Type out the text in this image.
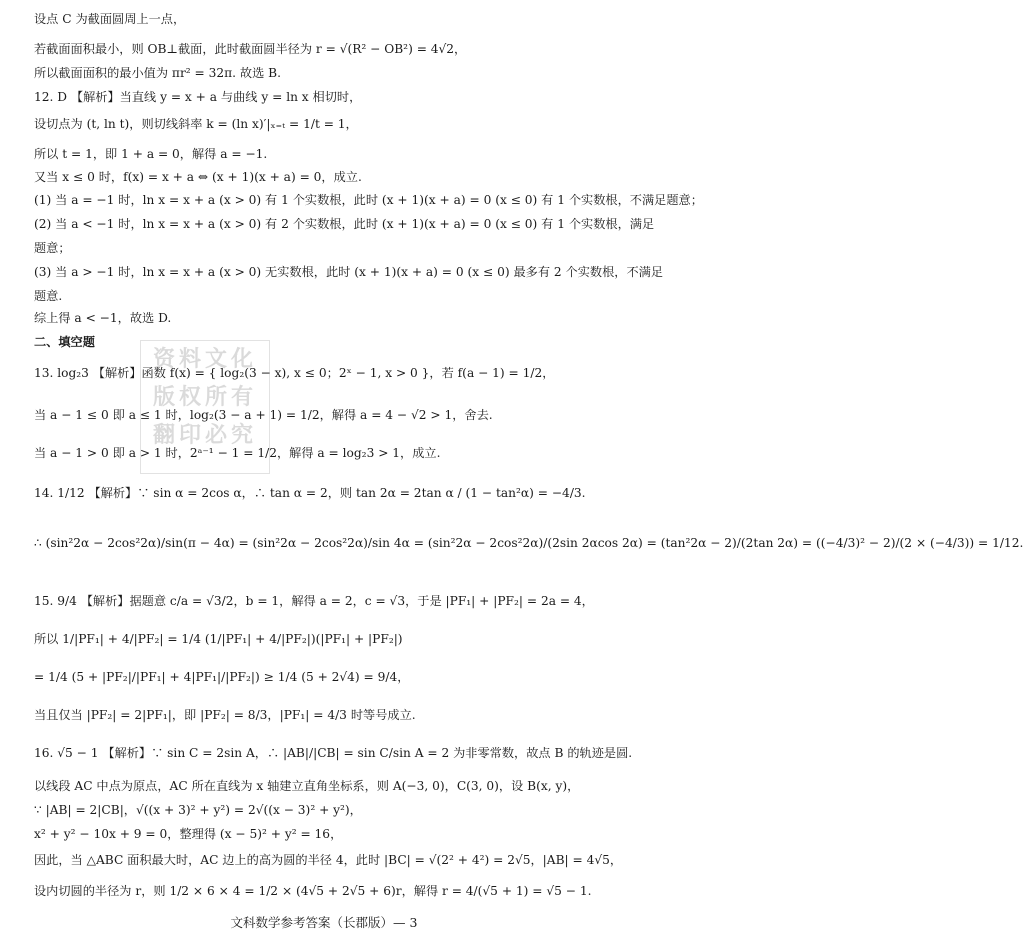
资料文化
版权所有
翻印必究
设点 C 为截面圆周上一点，
若截面面积最小，则 OB⊥截面，此时截面圆半径为 r = √(R² − OB²) = 4√2，
所以截面面积的最小值为 πr² = 32π. 故选 B.
12. D 【解析】当直线 y = x + a 与曲线 y = ln x 相切时，
设切点为 (t, ln t)，则切线斜率 k = (ln x)′|ₓ₌ₜ = 1/t = 1，
所以 t = 1，即 1 + a = 0，解得 a = −1.
又当 x ≤ 0 时，f(x) = x + a ⇔ (x + 1)(x + a) = 0，成立.
(1) 当 a = −1 时，ln x = x + a (x > 0) 有 1 个实数根，此时 (x + 1)(x + a) = 0 (x ≤ 0) 有 1 个实数根，不满足题意；
(2) 当 a < −1 时，ln x = x + a (x > 0) 有 2 个实数根，此时 (x + 1)(x + a) = 0 (x ≤ 0) 有 1 个实数根，满足
题意；
(3) 当 a > −1 时，ln x = x + a (x > 0) 无实数根，此时 (x + 1)(x + a) = 0 (x ≤ 0) 最多有 2 个实数根，不满足
题意.
综上得 a < −1，故选 D.
二、填空题
13. log₂3 【解析】函数 f(x) = { log₂(3 − x), x ≤ 0；2ˣ − 1, x > 0 }，若 f(a − 1) = 1/2，
当 a − 1 ≤ 0 即 a ≤ 1 时，log₂(3 − a + 1) = 1/2，解得 a = 4 − √2 > 1，舍去.
当 a − 1 > 0 即 a > 1 时，2ᵃ⁻¹ − 1 = 1/2，解得 a = log₂3 > 1，成立.
14. 1/12 【解析】∵ sin α = 2cos α，∴ tan α = 2，则 tan 2α = 2tan α / (1 − tan²α) = −4/3.
∴ (sin²2α − 2cos²2α)/sin(π − 4α) = (sin²2α − 2cos²2α)/sin 4α = (sin²2α − 2cos²2α)/(2sin 2αcos 2α) = (tan²2α − 2)/(2tan 2α) = ((−4/3)² − 2)/(2 × (−4/3)) = 1/12.
15. 9/4 【解析】据题意 c/a = √3/2，b = 1，解得 a = 2，c = √3，于是 |PF₁| + |PF₂| = 2a = 4，
所以 1/|PF₁| + 4/|PF₂| = 1/4 (1/|PF₁| + 4/|PF₂|)(|PF₁| + |PF₂|)
= 1/4 (5 + |PF₂|/|PF₁| + 4|PF₁|/|PF₂|) ≥ 1/4 (5 + 2√4) = 9/4，
当且仅当 |PF₂| = 2|PF₁|，即 |PF₂| = 8/3，|PF₁| = 4/3 时等号成立.
16. √5 − 1 【解析】∵ sin C = 2sin A，∴ |AB|/|CB| = sin C/sin A = 2 为非零常数，故点 B 的轨迹是圆.
以线段 AC 中点为原点，AC 所在直线为 x 轴建立直角坐标系，则 A(−3, 0)，C(3, 0)，设 B(x, y)，
∵ |AB| = 2|CB|，√((x + 3)² + y²) = 2√((x − 3)² + y²)，
x² + y² − 10x + 9 = 0，整理得 (x − 5)² + y² = 16，
因此，当 △ABC 面积最大时，AC 边上的高为圆的半径 4，此时 |BC| = √(2² + 4²) = 2√5，|AB| = 4√5，
设内切圆的半径为 r，则 1/2 × 6 × 4 = 1/2 × (4√5 + 2√5 + 6)r，解得 r = 4/(√5 + 1) = √5 − 1.
文科数学参考答案（长郡版）— 3
